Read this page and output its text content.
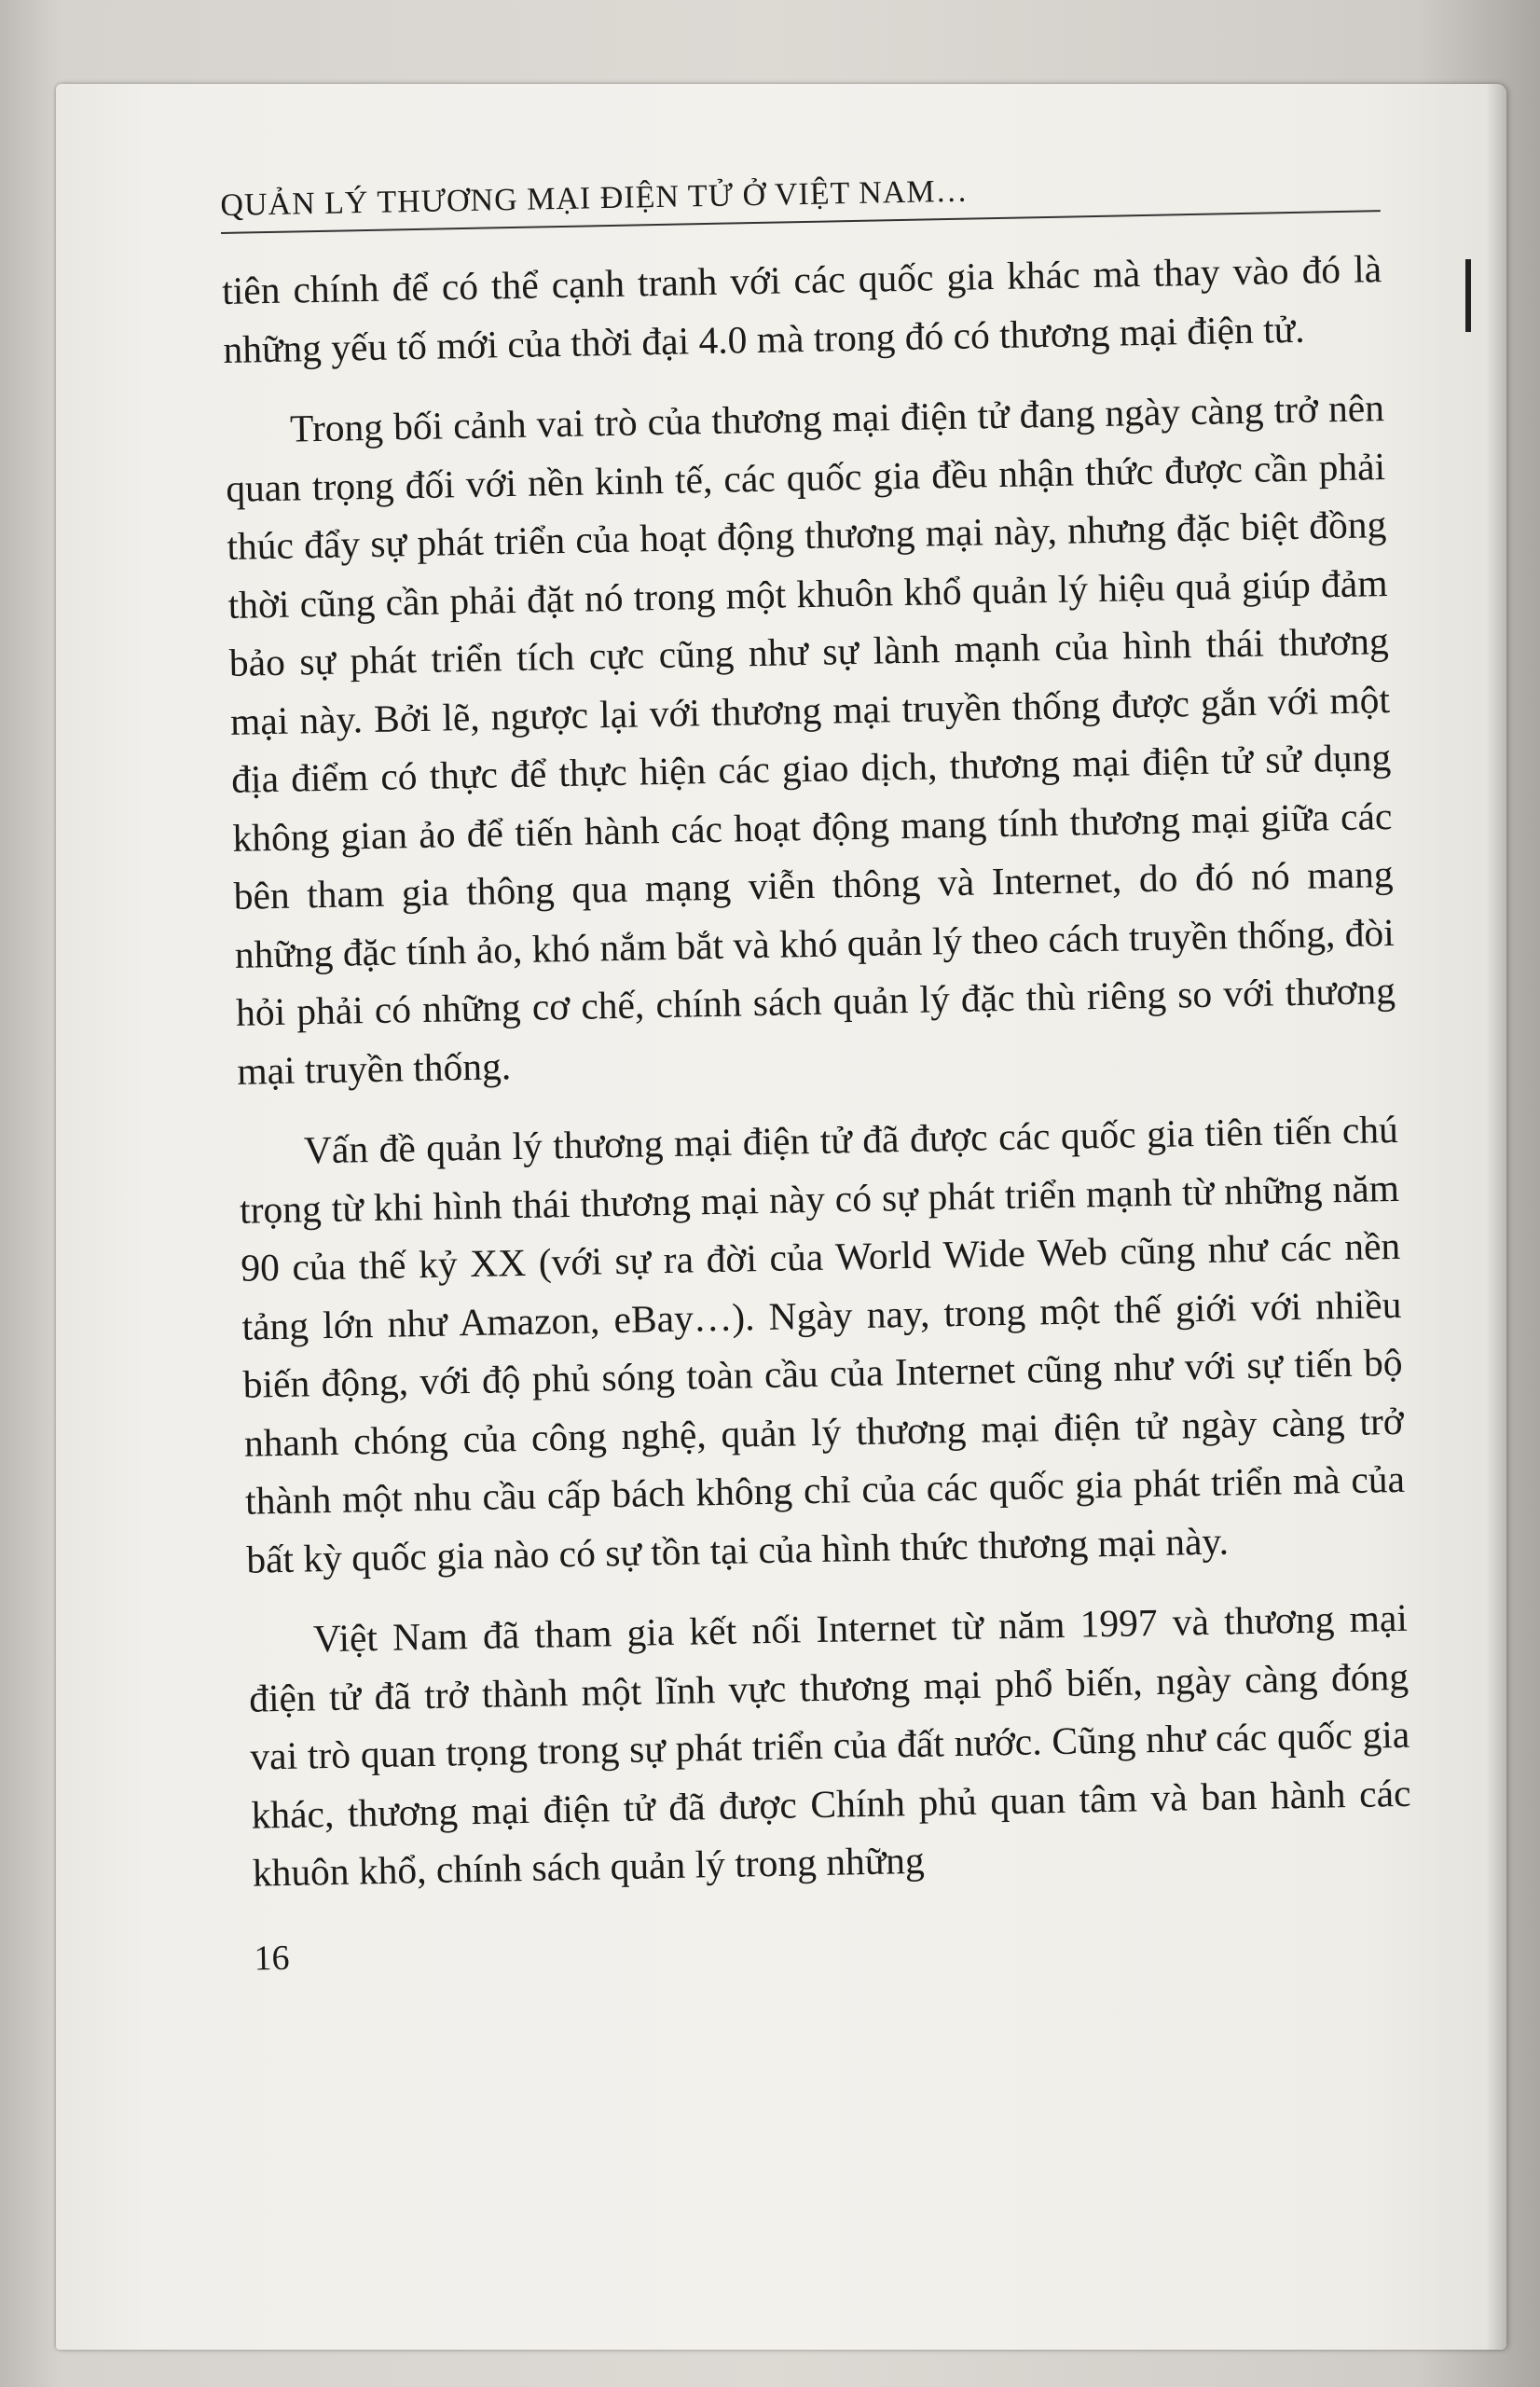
QUẢN LÝ THƯƠNG MẠI ĐIỆN TỬ Ở VIỆT NAM…

tiên chính để có thể cạnh tranh với các quốc gia khác mà thay vào đó là những yếu tố mới của thời đại 4.0 mà trong đó có thương mại điện tử.

Trong bối cảnh vai trò của thương mại điện tử đang ngày càng trở nên quan trọng đối với nền kinh tế, các quốc gia đều nhận thức được cần phải thúc đẩy sự phát triển của hoạt động thương mại này, nhưng đặc biệt đồng thời cũng cần phải đặt nó trong một khuôn khổ quản lý hiệu quả giúp đảm bảo sự phát triển tích cực cũng như sự lành mạnh của hình thái thương mại này. Bởi lẽ, ngược lại với thương mại truyền thống được gắn với một địa điểm có thực để thực hiện các giao dịch, thương mại điện tử sử dụng không gian ảo để tiến hành các hoạt động mang tính thương mại giữa các bên tham gia thông qua mạng viễn thông và Internet, do đó nó mang những đặc tính ảo, khó nắm bắt và khó quản lý theo cách truyền thống, đòi hỏi phải có những cơ chế, chính sách quản lý đặc thù riêng so với thương mại truyền thống.

Vấn đề quản lý thương mại điện tử đã được các quốc gia tiên tiến chú trọng từ khi hình thái thương mại này có sự phát triển mạnh từ những năm 90 của thế kỷ XX (với sự ra đời của World Wide Web cũng như các nền tảng lớn như Amazon, eBay…). Ngày nay, trong một thế giới với nhiều biến động, với độ phủ sóng toàn cầu của Internet cũng như với sự tiến bộ nhanh chóng của công nghệ, quản lý thương mại điện tử ngày càng trở thành một nhu cầu cấp bách không chỉ của các quốc gia phát triển mà của bất kỳ quốc gia nào có sự tồn tại của hình thức thương mại này.

Việt Nam đã tham gia kết nối Internet từ năm 1997 và thương mại điện tử đã trở thành một lĩnh vực thương mại phổ biến, ngày càng đóng vai trò quan trọng trong sự phát triển của đất nước. Cũng như các quốc gia khác, thương mại điện tử đã được Chính phủ quan tâm và ban hành các khuôn khổ, chính sách quản lý trong những

16
